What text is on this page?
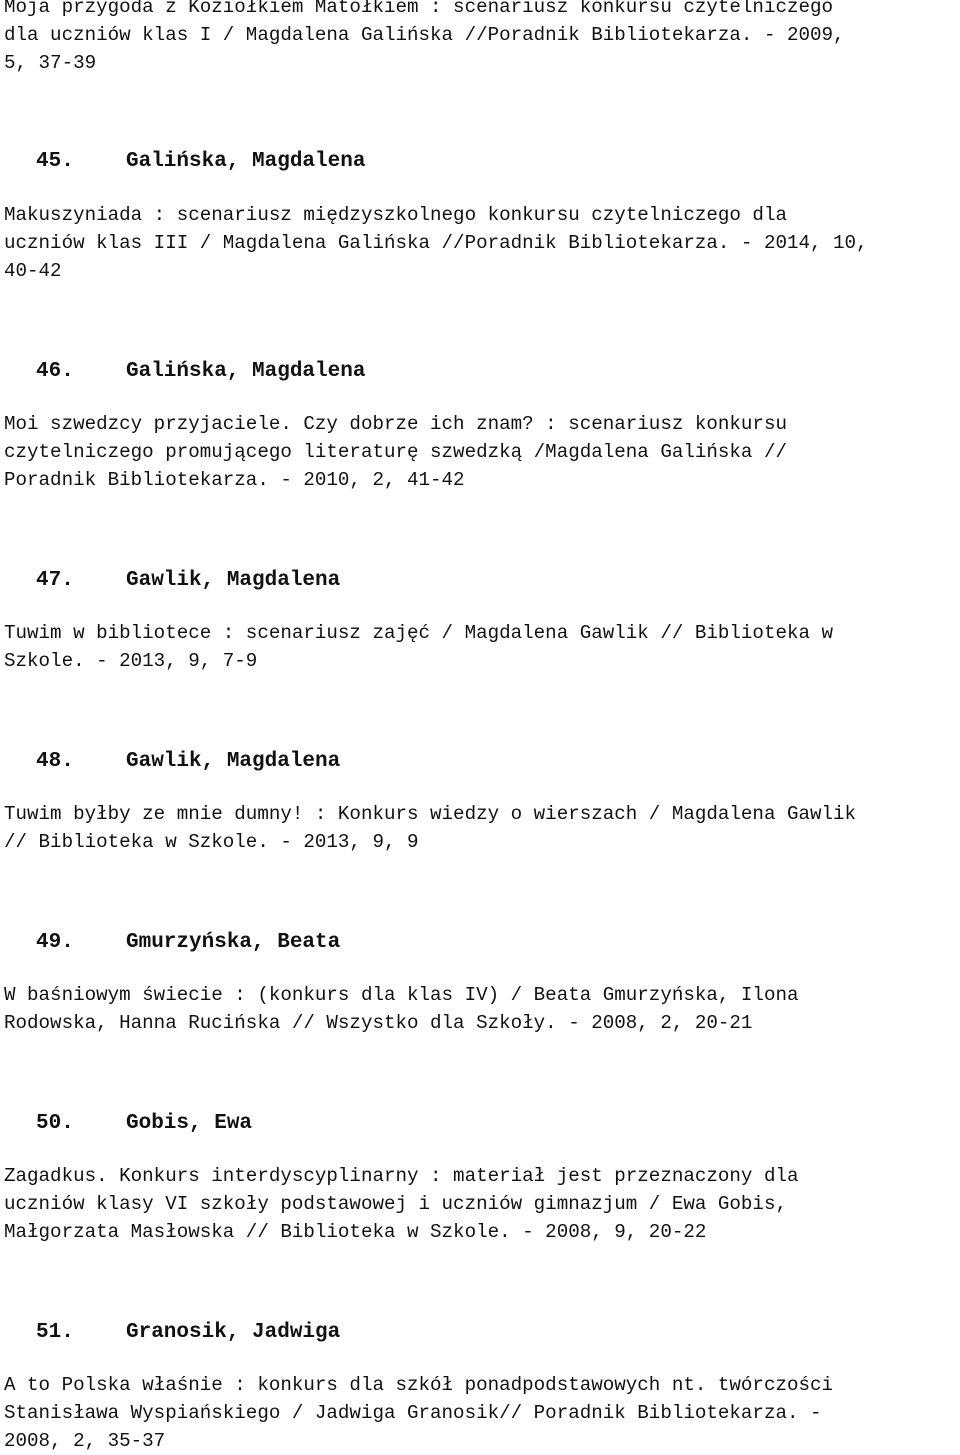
Moja przygoda z Koziołkiem Matołkiem : scenariusz konkursu czytelniczego
dla uczniów klas I / Magdalena Galińska //Poradnik Bibliotekarza. - 2009,
5, 37-39

45. Galińska, Magdalena

Makuszyniada : scenariusz międzyszkolnego konkursu czytelniczego dla
uczniów klas III / Magdalena Galińska //Poradnik Bibliotekarza. - 2014, 10,
40-42

46. Galińska, Magdalena

Moi szwedzcy przyjaciele. Czy dobrze ich znam? : scenariusz konkursu
czytelniczego promującego literaturę szwedzką /Magdalena Galińska //
Poradnik Bibliotekarza. - 2010, 2, 41-42

47. Gawlik, Magdalena

Tuwim w bibliotece : scenariusz zajęć / Magdalena Gawlik // Biblioteka w
Szkole. - 2013, 9, 7-9

48. Gawlik, Magdalena

Tuwim byłby ze mnie dumny! : Konkurs wiedzy o wierszach / Magdalena Gawlik
// Biblioteka w Szkole. - 2013, 9, 9

49. Gmurzyńska, Beata

W baśniowym świecie : (konkurs dla klas IV) / Beata Gmurzyńska, Ilona
Rodowska, Hanna Rucińska // Wszystko dla Szkoły. - 2008, 2, 20-21

50. Gobis, Ewa

Zagadkus. Konkurs interdyscyplinarny : materiał jest przeznaczony dla
uczniów klasy VI szkoły podstawowej i uczniów gimnazjum / Ewa Gobis,
Małgorzata Masłowska // Biblioteka w Szkole. - 2008, 9, 20-22

51. Granosik, Jadwiga

A to Polska właśnie : konkurs dla szkół ponadpodstawowych nt. twórczości
Stanisława Wyspiańskiego / Jadwiga Granosik// Poradnik Bibliotekarza. -
2008, 2, 35-37
